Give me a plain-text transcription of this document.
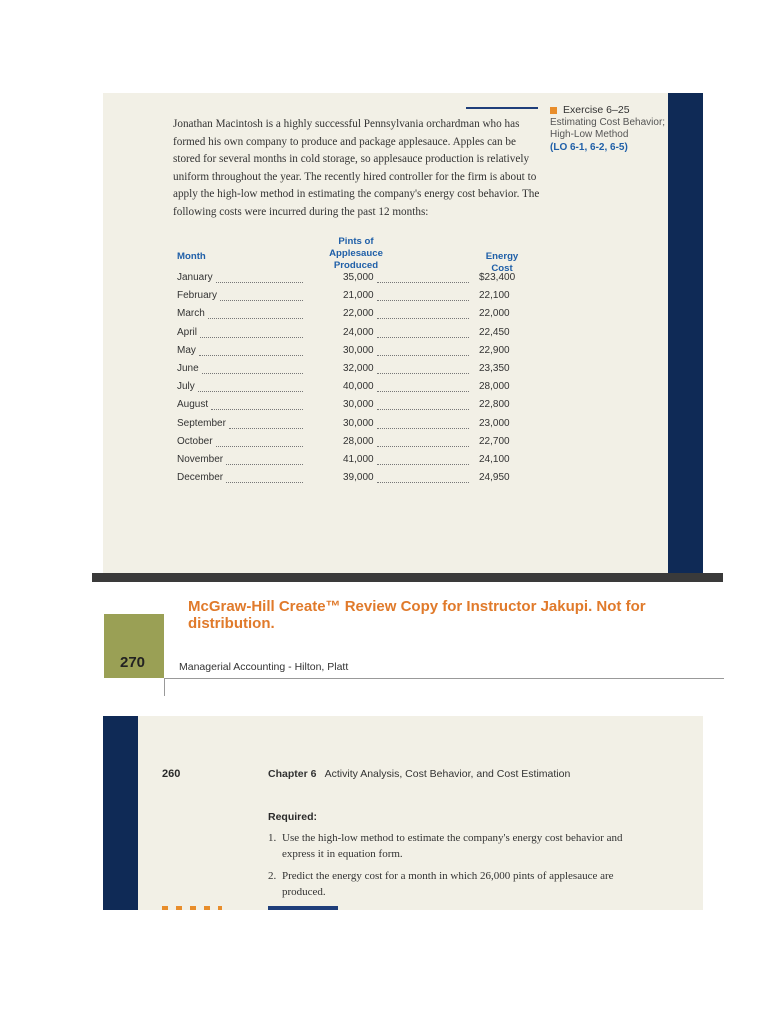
Jonathan Macintosh is a highly successful Pennsylvania orchardman who has formed his own company to produce and package applesauce. Apples can be stored for several months in cold storage, so applesauce production is relatively uniform throughout the year. The recently hired controller for the firm is about to apply the high-low method in estimating the company's energy cost behavior. The following costs were incurred during the past 12 months:
Exercise 6–25
Estimating Cost Behavior;
High-Low Method
(LO 6-1, 6-2, 6-5)
Month
Pints of
Applesauce Produced
Energy Cost
January	35,000	$23,400
February	21,000	22,100
March	22,000	22,000
April	24,000	22,450
May	30,000	22,900
June	32,000	23,350
July	40,000	28,000
August	30,000	22,800
September	30,000	23,000
October	28,000	22,700
November	41,000	24,100
December	39,000	24,950
McGraw-Hill Create™ Review Copy for Instructor Jakupi. Not for distribution.
270	Managerial Accounting - Hilton, Platt
260	Chapter 6 Activity Analysis, Cost Behavior, and Cost Estimation
Required:
1. Use the high-low method to estimate the company's energy cost behavior and express it in equation form.
2. Predict the energy cost for a month in which 26,000 pints of applesauce are produced.
